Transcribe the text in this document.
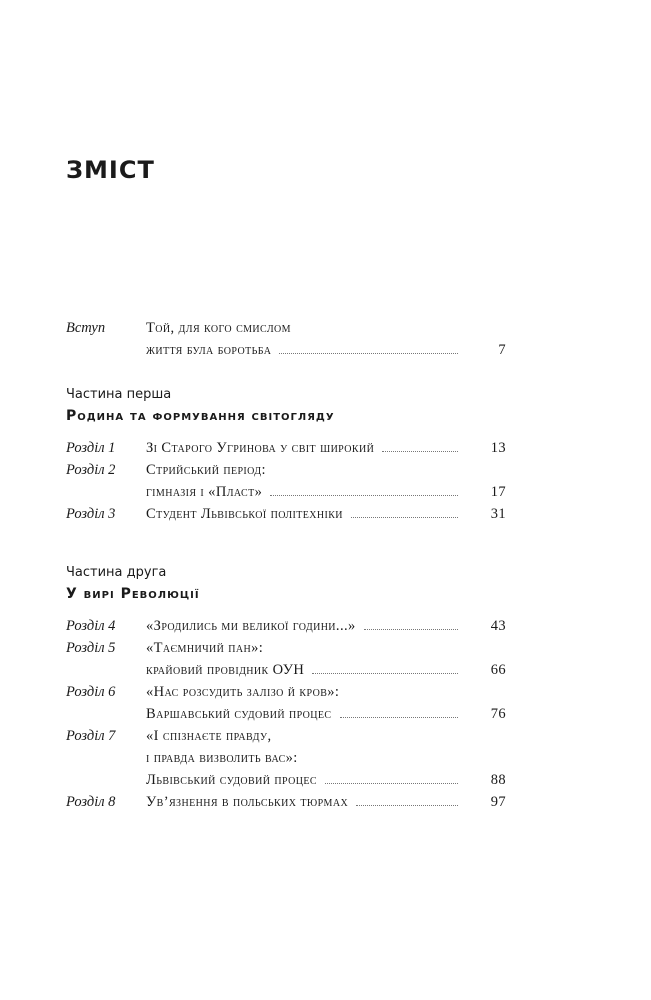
ЗМІСТ
Вступ	Той, для кого смислом
життя була боротьба	7
Частина перша
Родина та формування світогляду
Розділ 1 Зі Старого Угринова у світ широкий	13
Розділ 2 Стрийський період:
гімназія і «Пласт»	17
Розділ 3 Студент Львівської політехніки	31
Частина друга
У вирі Революції
Розділ 4 «Зродились ми великої години...»	43
Розділ 5 «Таємничий пан»:
крайовий провідник ОУН	66
Розділ 6 «Нас розсудить залізо й кров»:
Варшавський судовий процес	76
Розділ 7 «І спізнаєте правду,
і правда визволить вас»:
Львівський судовий процес	88
Розділ 8 Ув’язнення в польських тюрмах	97
